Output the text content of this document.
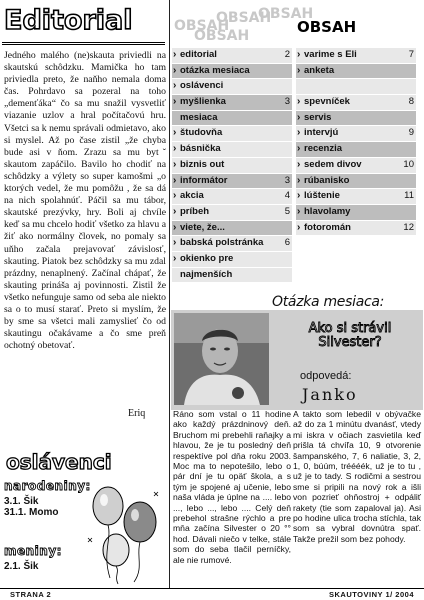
Editorial

Jedného malého (ne)skauta priviedli na skautskú schôdzku. Mamička ho tam priviedla preto, že naňho nemala doma čas. Pohrdavo sa pozeral na toho „demenťáka“ čo sa mu snažil vysvetliť viazanie uzlov a hral počítačovú hru. Všetci sa k nemu správali odmietavo, ako si myslel. Až po čase zistil „že chyba bude asi v ňom. Zrazu sa mu bytˇ skautom zapáčilo. Bavilo ho chodiť na schôdzky a výlety so super kamošmi „o ktorých vedel, že mu pomôžu , že sa dá na nich spolahnúť. Páčil sa mu tábor, skautské prezývky, hry. Boli aj chvíle keď sa mu chcelo hodiť všetko za hlavu a žiť ako normálny človek, no pomaly sa uňho začala prejavovať závislosť, skauting. Piatok bez schôdzky sa mu zdal prázdny, nenaplnený. Začínal chápať, že skauting prináša aj povinnosti. Zistil že všetko nefunguje samo od seba ale niekto sa o to musí starať. Preto si myslím, že by sme sa všetci mali zamyslieť čo od skautingu očakávame a čo sme preň ochotný obetovať.

Eriq
oslávenci
narodeniny:
3.1. Šik
31.1. Momo
meniny:
2.1. Šik
OBSAH
OBSAH
OBSAH
OBSAH
OBSAH
› editorial	2
› otázka mesiaca
› oslávenci
› myšlienka	3
mesiaca
› študovňa
› básnička
› biznis out
› informátor	3
› akcia	4
› príbeh	5
› viete, že...
› babská polstránka 6
› okienko pre
najmenších
› varime s Eli	7
› anketa
› spevníček	8
› servis
› intervjú	9
› recenzia
› sedem divov	10
› rúbanisko
› lúštenie	11
› hlavolamy
› fotoromán	12
Otázka mesiaca:
Ako si strávil Silvester?
odpovedá:
Janko
Ráno som vstal o 11 hodine ako každý prázdninový deň. Bruchom mi prebehli raňajky a hlavou, že je tu posledný deň respektíve pol dňa roku 2003. Moc ma to nepotešilo, lebo o pár dní je tu opäť škola, a s tým je spojené aj učenie, lebo naša vláda je úplne na .... lebo ..., lebo ..., lebo .... Celý deň prebehol strašne rýchlo a pre mňa začína Silvester o 20 °° hod. Dávali niečo v telke, stále som do seba tlačil perníčky, ale nie rumové.
A takto som lebedil v obývačke až do za 1 minútu dvanásť, vtedy mi iskra v očiach zasvietila keď prišla tá chvíľa 10, 9 otvorenie šampanského, 7, 6 naliatie, 3, 2, 1, 0, búúm, tréééék, už je to tu , už je to tady. S rodičmi a sestrou sme si pripili na nový rok a išli von pozrieť ohňostroj + odpáliť rakety (tie som zapaloval ja). Asi po hodine ulica trocha stíchla, tak som sa vybral dovnútra spať. Takže prežil som bez pohody.
STRANA 2	SKAUTOVINY 1/ 2004
